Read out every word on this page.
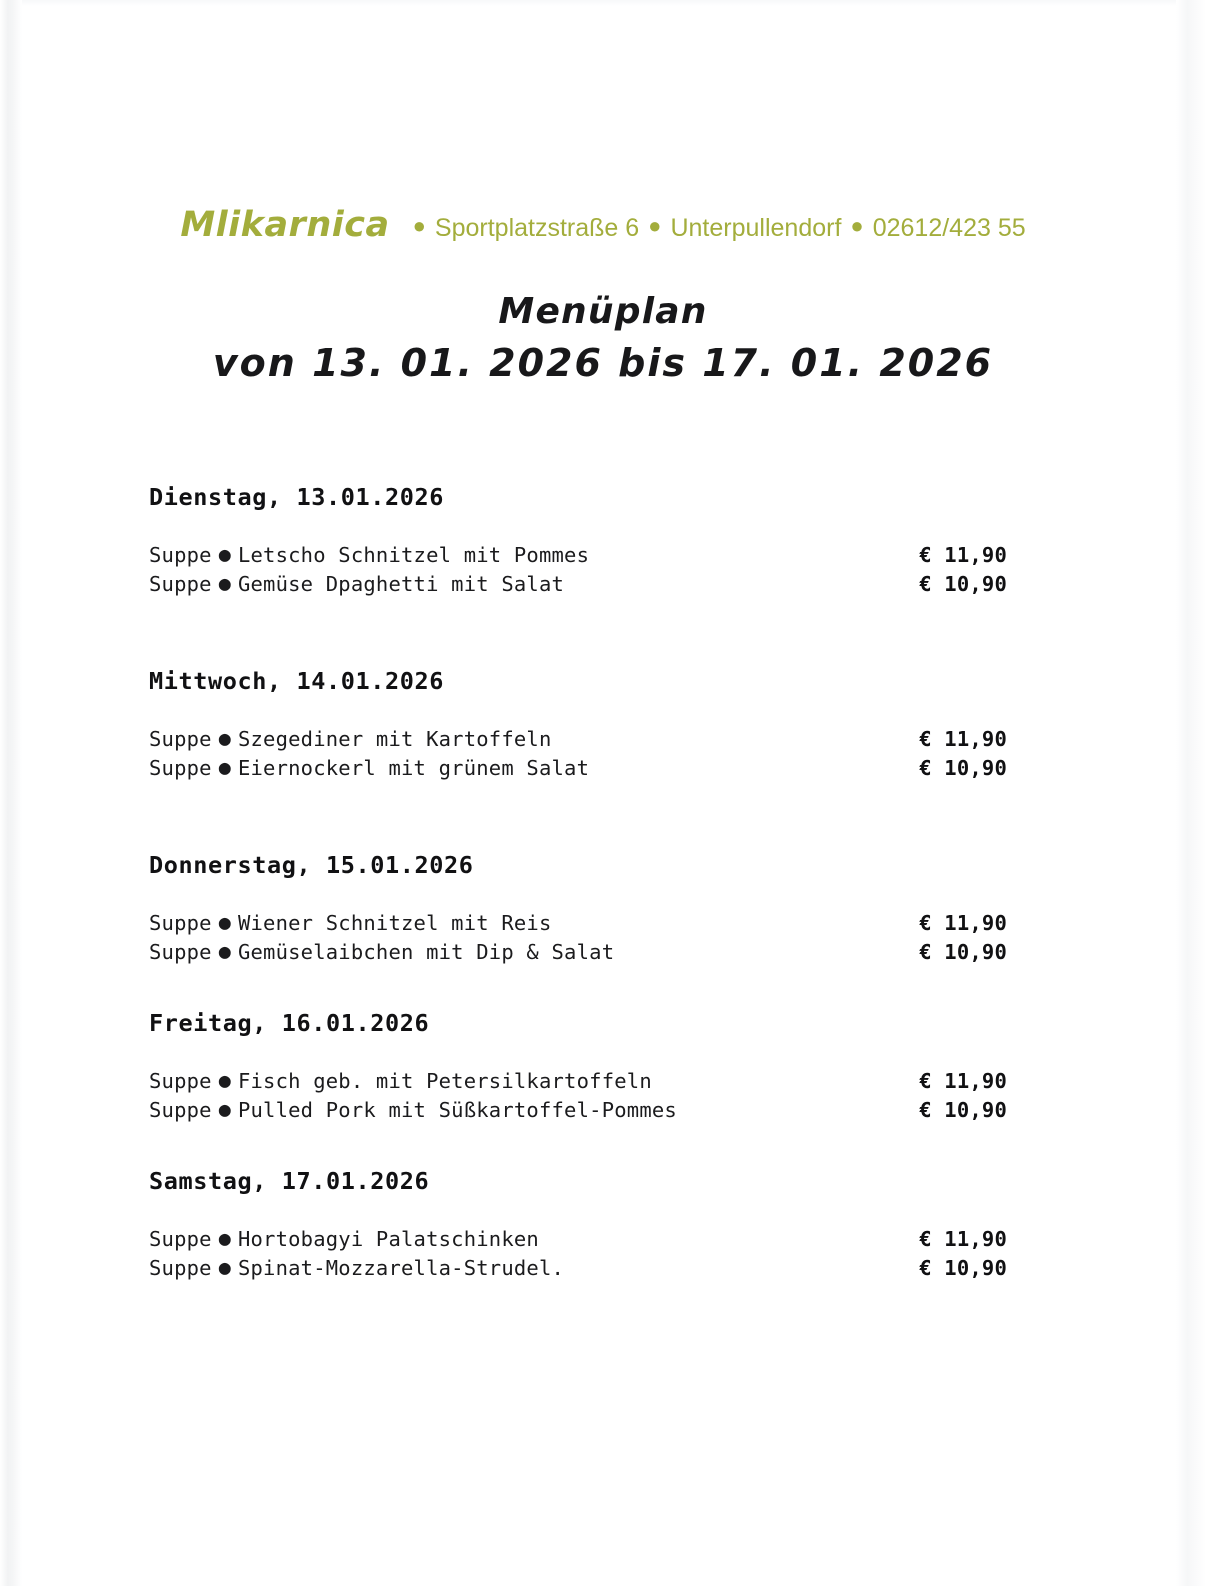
Mlikarnica ● Sportplatzstraße 6 ● Unterpullendorf ● 02612/423 55
Menüplan
von 13. 01. 2026 bis 17. 01. 2026
Dienstag, 13.01.2026
Suppe ● Letscho Schnitzel mit Pommes	€ 11,90
Suppe ● Gemüse Dpaghetti mit Salat	€ 10,90
Mittwoch, 14.01.2026
Suppe ● Szegediner mit Kartoffeln	€ 11,90
Suppe ● Eiernockerl mit grünem Salat	€ 10,90
Donnerstag, 15.01.2026
Suppe ● Wiener Schnitzel mit Reis	€ 11,90
Suppe ● Gemüselaibchen mit Dip & Salat	€ 10,90
Freitag, 16.01.2026
Suppe ● Fisch geb. mit Petersilkartoffeln	€ 11,90
Suppe ● Pulled Pork mit Süßkartoffel-Pommes	€ 10,90
Samstag, 17.01.2026
Suppe ● Hortobagyi Palatschinken	€ 11,90
Suppe ● Spinat-Mozzarella-Strudel.	€ 10,90
